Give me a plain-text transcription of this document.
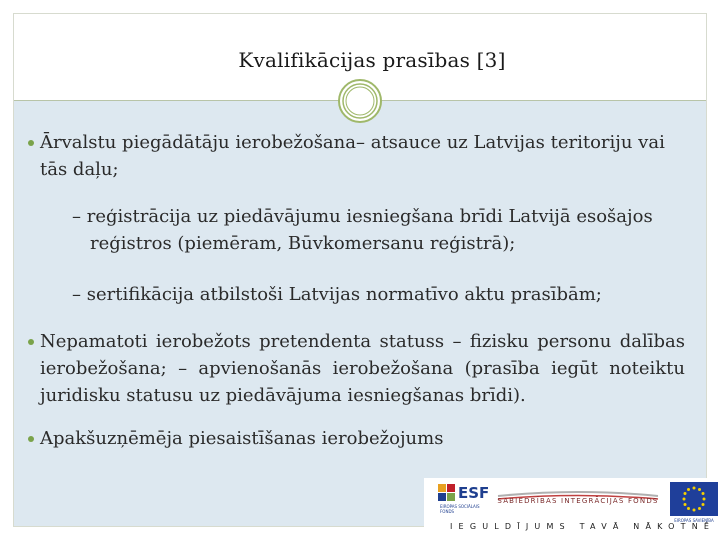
Kvalifikācijas prasības [3]

Ārvalstu piegādātāju ierobežošana– atsauce uz Latvijas teritoriju vai tās daļu;

– reģistrācija uz piedāvājumu iesniegšana brīdi Latvijā esošajos
reģistros (piemēram, Būvkomersanu reģistrā);
– sertifikācija atbilstoši Latvijas normatīvo aktu prasībām;

Nepamatoti ierobežots pretendenta statuss – fizisku personu dalības ierobežošana; – apvienošanās ierobežošana (prasība iegūt noteiktu juridisku statusu uz piedāvājuma iesniegšanas brīdi).

Apakšuzņēmēja piesaistīšanas ierobežojums

ESF
EIROPAS SOCIĀLAIS FONDS
SABIEDRĪBAS INTEGRĀCIJAS FONDS
EIROPAS SAVIENĪBA
IEGULDĪJUMS TAVĀ NĀKOTNĒ
